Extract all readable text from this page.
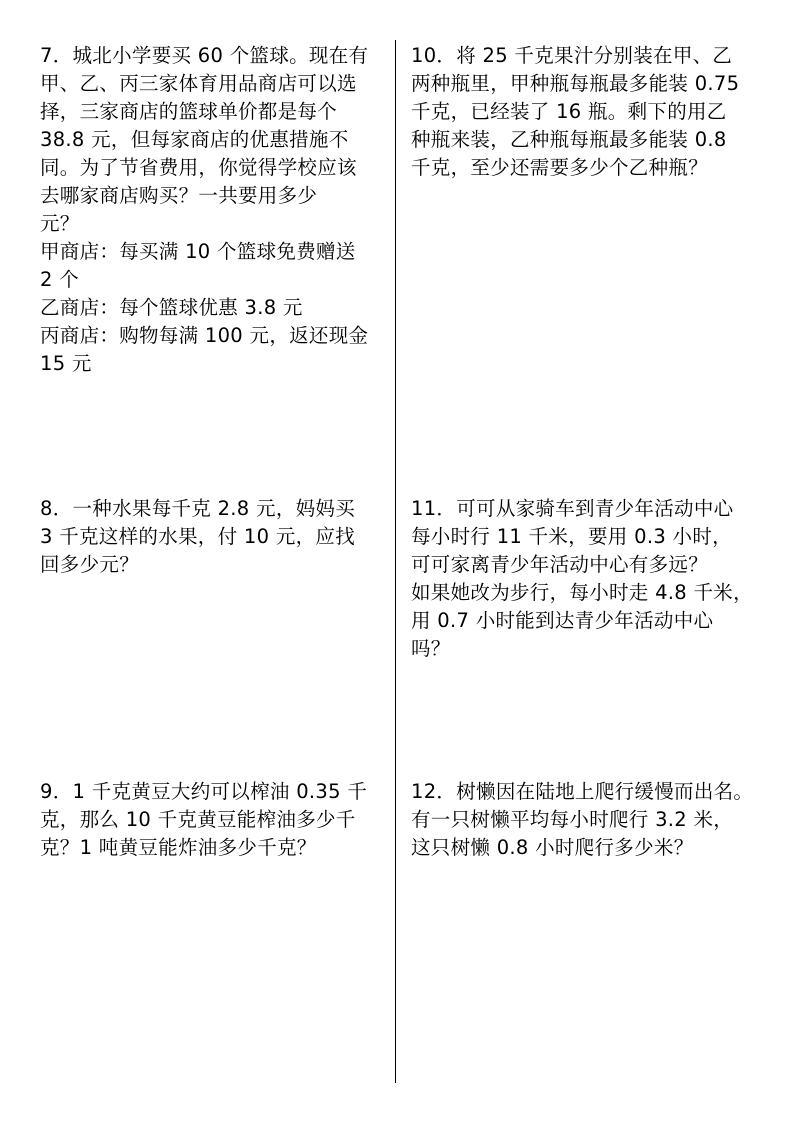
7．城北小学要买 60 个篮球。现在有
甲、乙、丙三家体育用品商店可以选
择，三家商店的篮球单价都是每个
38.8 元，但每家商店的优惠措施不
同。为了节省费用，你觉得学校应该
去哪家商店购买？一共要用多少
元？
甲商店：每买满 10 个篮球免费赠送
2 个
乙商店：每个篮球优惠 3.8 元
丙商店：购物每满 100 元，返还现金
15 元
8．一种水果每千克 2.8 元，妈妈买
3 千克这样的水果，付 10 元，应找
回多少元？
9．1 千克黄豆大约可以榨油 0.35 千
克，那么 10 千克黄豆能榨油多少千
克？1 吨黄豆能炸油多少千克？
10．将 25 千克果汁分别装在甲、乙
两种瓶里，甲种瓶每瓶最多能装 0.75
千克，已经装了 16 瓶。剩下的用乙
种瓶来装，乙种瓶每瓶最多能装 0.8
千克，至少还需要多少个乙种瓶？
11．可可从家骑车到青少年活动中心
每小时行 11 千米，要用 0.3 小时，
可可家离青少年活动中心有多远？
如果她改为步行，每小时走 4.8 千米，
用 0.7 小时能到达青少年活动中心
吗？
12．树懒因在陆地上爬行缓慢而出名。
有一只树懒平均每小时爬行 3.2 米，
这只树懒 0.8 小时爬行多少米？
